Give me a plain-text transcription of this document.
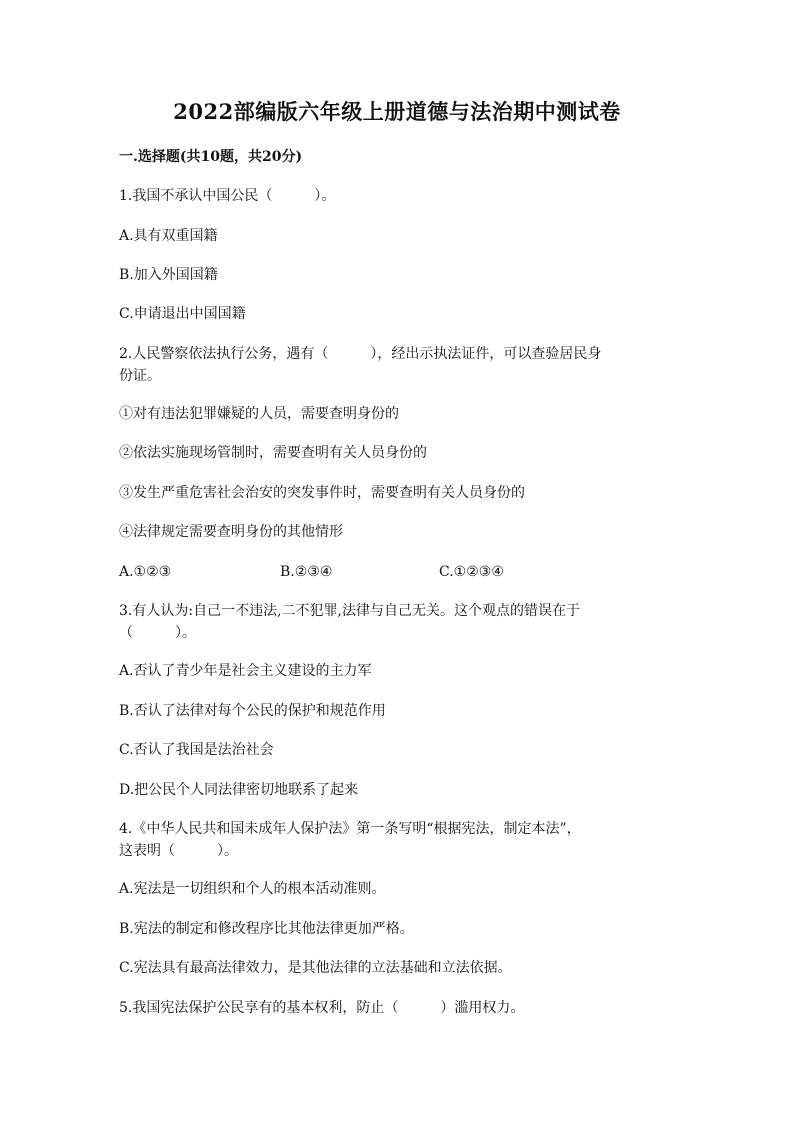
2022部编版六年级上册道德与法治期中测试卷
一.选择题(共10题，共20分)
1.我国不承认中国公民（　　　）。
A.具有双重国籍
B.加入外国国籍
C.申请退出中国国籍
2.人民警察依法执行公务，遇有（　　　），经出示执法证件，可以查验居民身
份证。
①对有违法犯罪嫌疑的人员，需要查明身份的
②依法实施现场管制时，需要查明有关人员身份的
③发生严重危害社会治安的突发事件时，需要查明有关人员身份的
④法律规定需要查明身份的其他情形
A.①②③	B.②③④	C.①②③④
3.有人认为:自己一不违法,二不犯罪,法律与自己无关。这个观点的错误在于
（　　　）。
A.否认了青少年是社会主义建设的主力军
B.否认了法律对每个公民的保护和规范作用
C.否认了我国是法治社会
D.把公民个人同法律密切地联系了起来
4.《中华人民共和国未成年人保护法》第一条写明“根据宪法，制定本法”，
这表明（　　　）。
A.宪法是一切组织和个人的根本活动准则。
B.宪法的制定和修改程序比其他法律更加严格。
C.宪法具有最高法律效力，是其他法律的立法基础和立法依据。
5.我国宪法保护公民享有的基本权利，防止（　　　）滥用权力。
